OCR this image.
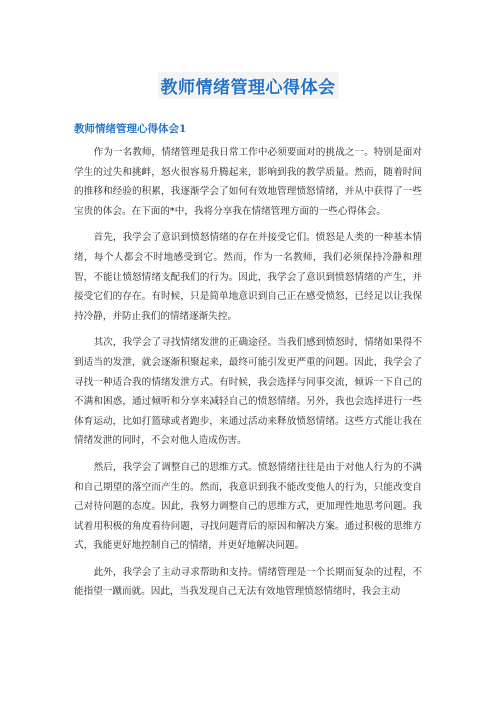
教师情绪管理心得体会
教师情绪管理心得体会1

作为一名教师，情绪管理是我日常工作中必须要面对的挑战之一。特别是面对学生的过失和挑衅，怒火很容易升腾起来，影响到我的教学质量。然而，随着时间的推移和经验的积累，我逐渐学会了如何有效地管理愤怒情绪，并从中获得了一些宝贵的体会。在下面的*中，我将分享我在情绪管理方面的一些心得体会。

首先，我学会了意识到愤怒情绪的存在并接受它们。愤怒是人类的一种基本情绪，每个人都会不时地感受到它。然而，作为一名教师，我们必须保持冷静和理智，不能让愤怒情绪支配我们的行为。因此，我学会了意识到愤怒情绪的产生，并接受它们的存在。有时候，只是简单地意识到自己正在感受愤怒，已经足以让我保持冷静，并防止我们的情绪逐渐失控。

其次，我学会了寻找情绪发泄的正确途径。当我们感到愤怒时，情绪如果得不到适当的发泄，就会逐渐积聚起来，最终可能引发更严重的问题。因此，我学会了寻找一种适合我的情绪发泄方式。有时候，我会选择与同事交流，倾诉一下自己的不满和困惑，通过倾听和分享来减轻自己的愤怒情绪。另外，我也会选择进行一些体育运动，比如打篮球或者跑步，来通过活动来释放愤怒情绪。这些方式能让我在情绪发泄的同时，不会对他人造成伤害。

然后，我学会了调整自己的思维方式。愤怒情绪往往是由于对他人行为的不满和自己期望的落空而产生的。然而，我意识到我不能改变他人的行为，只能改变自己对待问题的态度。因此，我努力调整自己的思维方式，更加理性地思考问题。我试着用积极的角度看待问题，寻找问题背后的原因和解决方案。通过积极的思维方式，我能更好地控制自己的情绪，并更好地解决问题。

此外，我学会了主动寻求帮助和支持。情绪管理是一个长期而复杂的过程，不能指望一蹴而就。因此，当我发现自己无法有效地管理愤怒情绪时，我会主动
